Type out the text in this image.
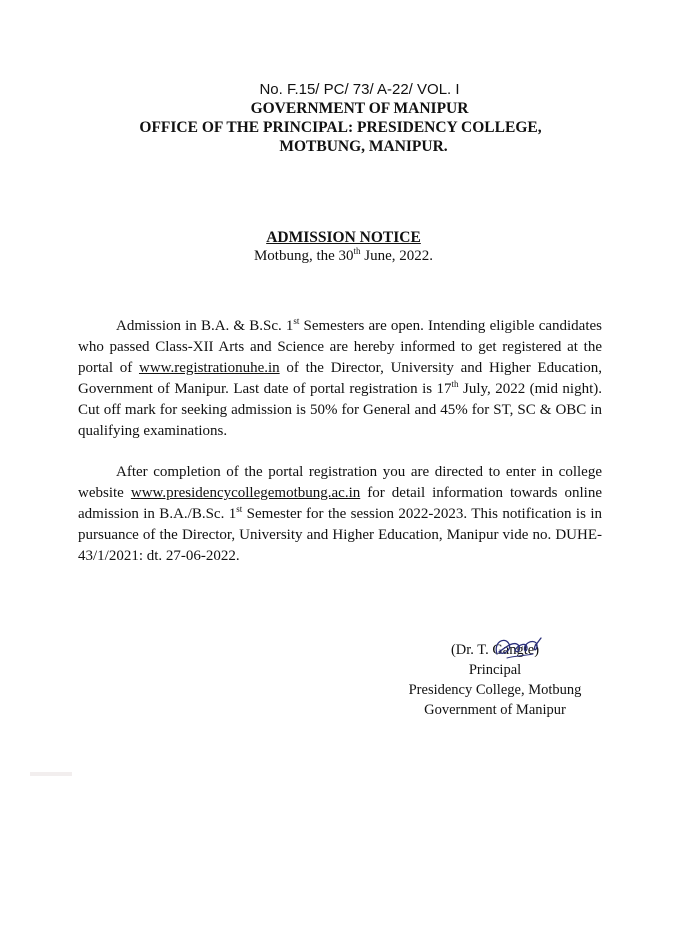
No. F.15/ PC/ 73/ A-22/ VOL. I
GOVERNMENT OF MANIPUR
OFFICE OF THE PRINCIPAL: PRESIDENCY COLLEGE,
MOTBUNG, MANIPUR.
ADMISSION NOTICE
Motbung, the 30th June, 2022.
Admission in B.A. & B.Sc. 1st Semesters are open. Intending eligible candidates who passed Class-XII Arts and Science are hereby informed to get registered at the portal of www.registrationuhe.in of the Director, University and Higher Education, Government of Manipur. Last date of portal registration is 17th July, 2022 (mid night). Cut off mark for seeking admission is 50% for General and 45% for ST, SC & OBC in qualifying examinations.
After completion of the portal registration you are directed to enter in college website www.presidencycollegemotbung.ac.in for detail information towards online admission in B.A./B.Sc. 1st Semester for the session 2022-2023. This notification is in pursuance of the Director, University and Higher Education, Manipur vide no. DUHE-43/1/2021: dt. 27-06-2022.
(Dr. T. Gangte)
Principal
Presidency College, Motbung
Government of Manipur
